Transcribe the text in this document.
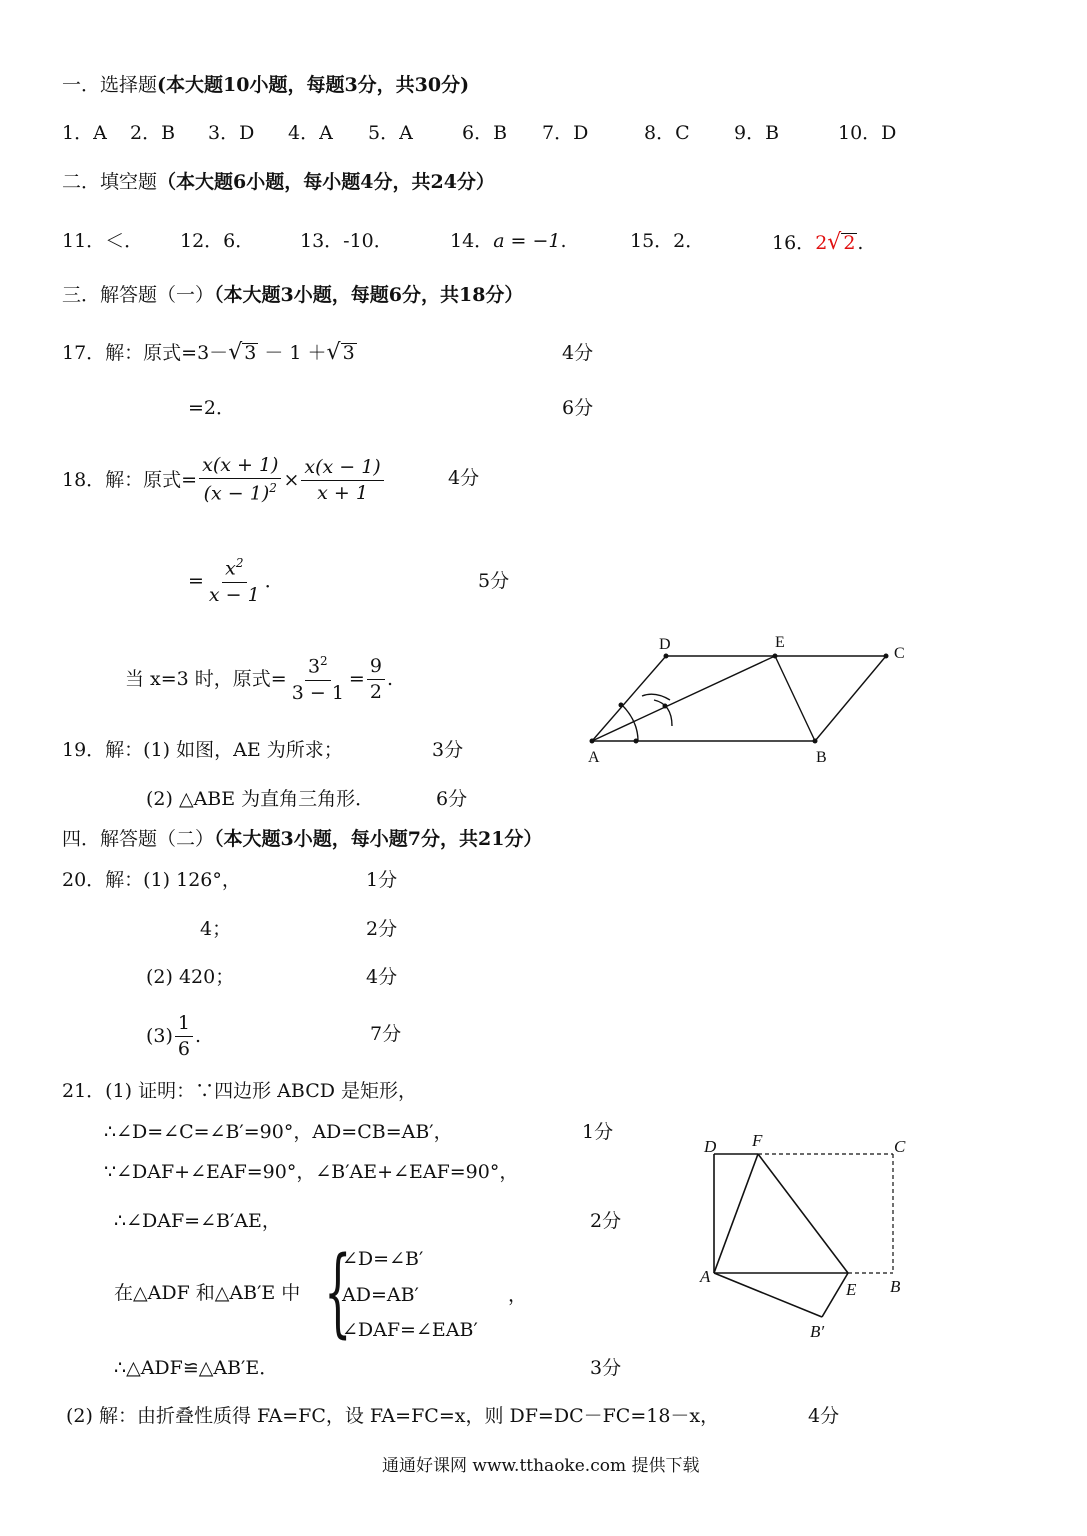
一．选择题(本大题10小题，每题3分，共30分)
1．A 2．B 3．D 4．A 5．A	6．B 7．D	8．C 9．B	10．D
二．填空题（本大题6小题，每小题4分，共24分）
11．＜． 12．6． 13．-10．	14．a = −1.	15．2．	16．2√ 2 .
三．解答题（一）（本大题3小题，每题6分，共18分）
17．解：原式=3－√ 3 － 1 ＋√ 3	4分
=2．	6分
18．解：原式= $\frac{x(x + 1)}{(x - 1)^2} \times \frac{x(x - 1)}{x + 1}$	4分
= $\frac{x^2}{x - 1}$ ．	5分
当 x=3 时，原式= $\frac{3^2}{3 - 1} = \frac{9}{2}$ .
19．解：(1) 如图，AE 为所求；	3分
(2) △ABE 为直角三角形．	6分
A	B
C
D	E
四．解答题（二）（本大题3小题，每小题7分，共21分）
20．解：(1) 126°，	1分
4；	2分
(2) 420；	4分
$(3) \frac{1}{6}$ .	7分
21．(1) 证明：∵四边形 ABCD 是矩形，
∴∠D=∠C=∠B′=90°，AD=CB=AB′，	1分
∵∠DAF+∠EAF=90°，∠B′AE+∠EAF=90°，
∴∠DAF=∠B′AE，	2分
在△ADF 和△AB′E 中 {
∠D=∠B′
AD=AB′
∠DAF=∠EAB′
，
∴△ADF≌△AB′E．	3分
(2) 解：由折叠性质得 FA=FC，设 FA=FC=x，则 DF=DC－FC=18－x，	4分
D F	C
A
E B
B′
通通好课网 www.tthaoke.com 提供下载
